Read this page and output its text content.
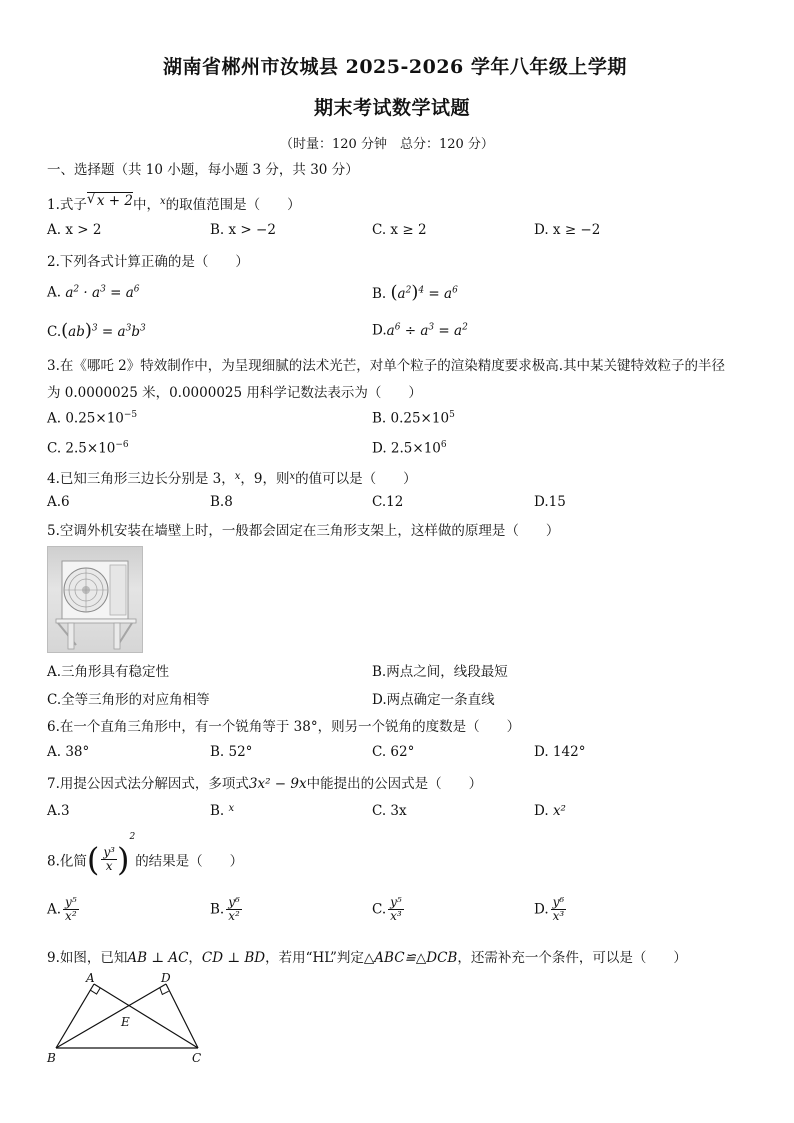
湖南省郴州市汝城县 2025-2026 学年八年级上学期
期末考试数学试题
（时量：120 分钟　总分：120 分）
一、选择题（共 10 小题，每小题 3 分，共 30 分）
1.式子 √ x + 2中，$^x$的取值范围是（　　）
A. x > 2	B. x > −2	C. x ≥ 2	D. x ≥ −2
2.下列各式计算正确的是（　　）
A. $a^2 \cdot a^3 = a^6$	B. $(a^2)^4 = a^6$
$C.(ab)^3 = a^3b^3$	$D.a^6 \div a^3 = a^2$
3.在《哪吒 2》特效制作中，为呈现细腻的法术光芒，对单个粒子的渲染精度要求极高.其中某关键特效粒子的半径
为 0.0000025 米，0.0000025 用科学记数法表示为（　　）
A. $0.25\times 10^{-5}$	B. $0.25\times 10^5$
C. $2.5\times 10^{-6}$	D. $2.5\times 10^6$
4.已知三角形三边长分别是 3，$^x$，9，则$^x$的值可以是（　　）
A.6	B.8	C.12	D.15
5.空调外机安装在墙壁上时，一般都会固定在三角形支架上，这样做的原理是（　　）
A.三角形具有稳定性	B.两点之间，线段最短
C.全等三角形的对应角相等	D.两点确定一条直线
6.在一个直角三角形中，有一个锐角等于 38°，则另一个锐角的度数是（　　）
A. 38°	B. 52°	C. 62°	D. 142°
7.用提公因式法分解因式，多项式3x² − 9x中能提出的公因式是（　　）
A.3	B. $^x$	C. 3x	D. x²
8.化简( $\frac{\text{y³}}{x} )^2$的结果是（　　）
A. $\frac{\text{y⁵}}{\text{x²}}$	B. $\frac{\text{y⁶}}{\text{x²}}$	C. $\frac{\text{y⁵}}{\text{x³}}$	D. $\frac{\text{y⁶}}{\text{x³}}$
9.如图，已知AB ⊥ AC，CD ⊥ BD，若用“HL”判定△ABC≌△DCB，还需补充一个条件，可以是（　　）
A	D
E
B	C
